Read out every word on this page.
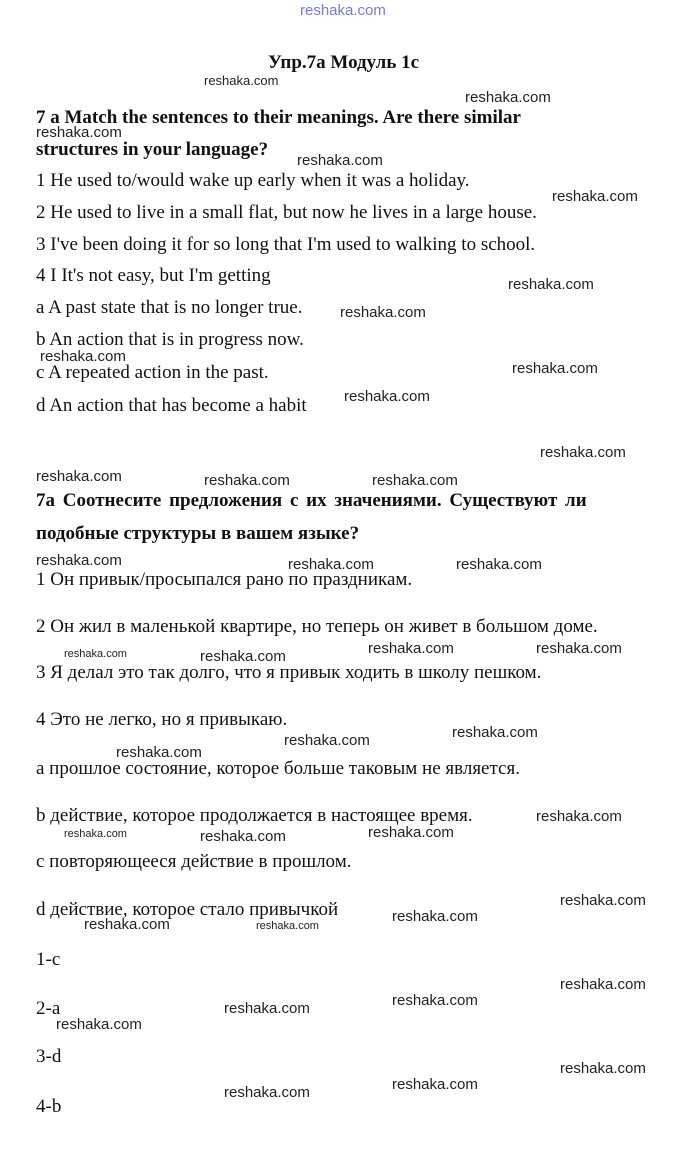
reshaka.com
Упр.7а Модуль 1с
7 a Match the sentences to their meanings. Are there similar
structures in your language?
1 He used to/would wake up early when it was a holiday.
2 He used to live in a small flat, but now he lives in a large house.
3 I've been doing it for so long that I'm used to walking to school.
4 I It's not easy, but I'm getting
a A past state that is no longer true.
b An action that is in progress now.
c A repeated action in the past.
d An action that has become a habit
7a Соотнесите предложения с их значениями. Существуют ли
подобные структуры в вашем языке?
1 Он привык/просыпался рано по праздникам.
2 Он жил в маленькой квартире, но теперь он живет в большом доме.
3 Я делал это так долго, что я привык ходить в школу пешком.
4 Это не легко, но я привыкаю.
a прошлое состояние, которое больше таковым не является.
b действие, которое продолжается в настоящее время.
c повторяющееся действие в прошлом.
d действие, которое стало привычкой
1-c
2-a
3-d
4-b
reshaka.com
reshaka.com
reshaka.com
reshaka.com
reshaka.com
reshaka.com
reshaka.com
reshaka.com
reshaka.com
reshaka.com
reshaka.com
reshaka.com	reshaka.com	reshaka.com
reshaka.com	reshaka.com	reshaka.com
reshaka.com	reshaka.com
reshaka.com	reshaka.com
reshaka.com
reshaka.com
reshaka.com
reshaka.com
reshaka.com
reshaka.com	reshaka.com
reshaka.com
reshaka.com
reshaka.com	reshaka.com
reshaka.com
reshaka.com
reshaka.com
reshaka.com
reshaka.com
reshaka.com
reshaka.com
